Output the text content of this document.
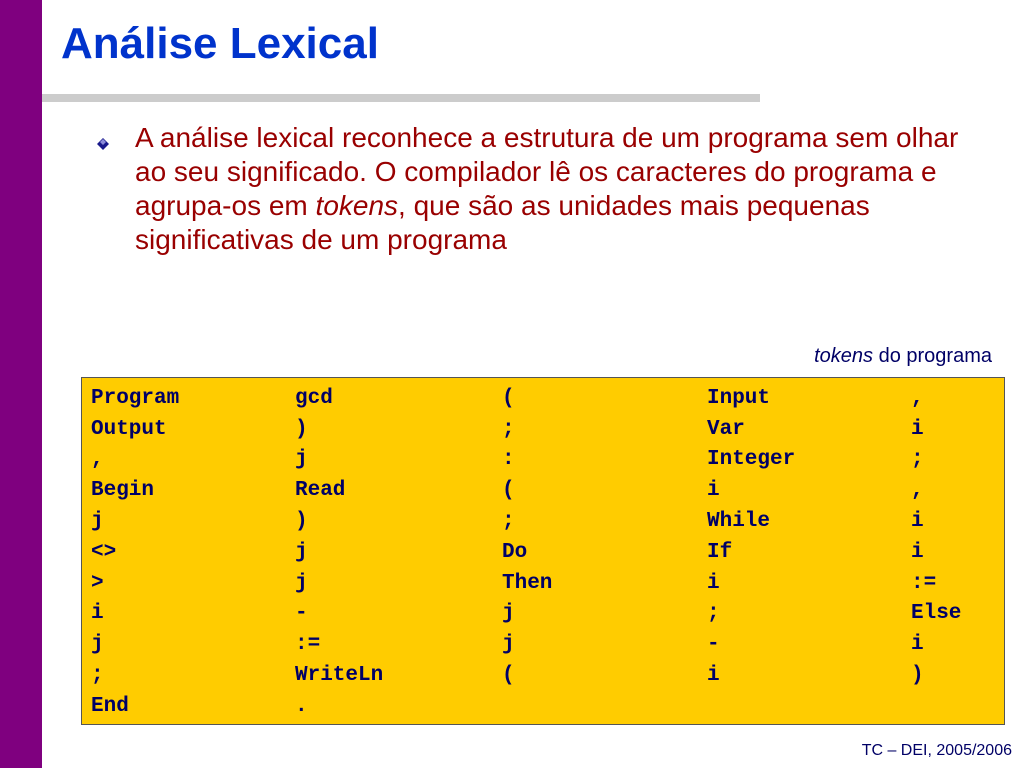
Análise Lexical

A análise lexical reconhece a estrutura de um programa sem olhar ao seu significado. O compilador lê os caracteres do programa e agrupa-os em tokens, que são as unidades mais pequenas significativas de um programa

tokens do programa

Program	gcd	(	Input	,
Output	)	;	Var	i
,	j	:	Integer	;
Begin	Read	(	i	,
j	)	;	While	i
<>	j	Do	If	i
>	j	Then	i	:=
i	-	j	;	Else
j	:=	j	-	i
;	WriteLn	(	i	)
End	.			

TC – DEI, 2005/2006
